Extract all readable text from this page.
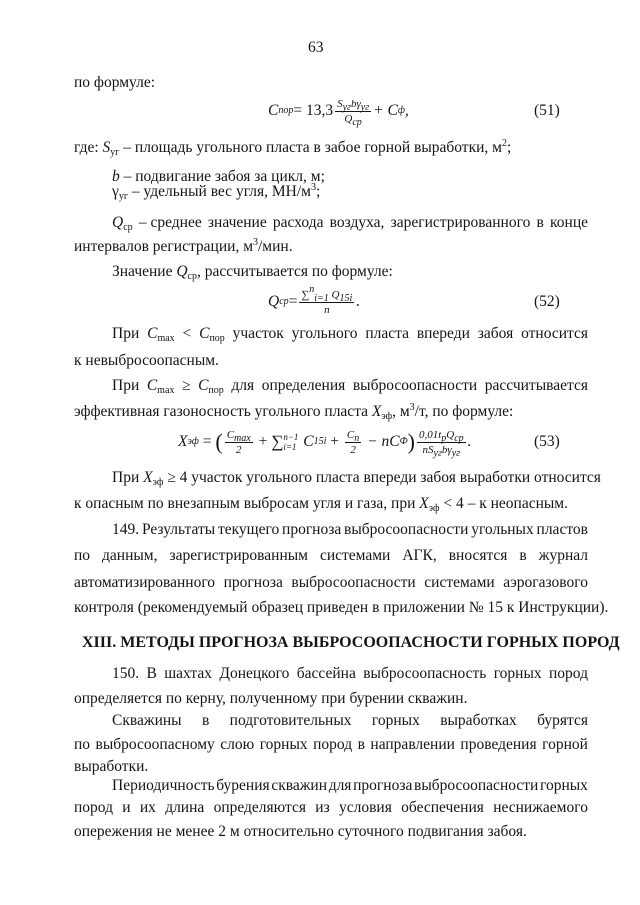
63
по формуле:
C пор = $13,3 \frac{S_{уг}b\gamma_{уг}}{Q_{ср}} + C$ ф ,	(51)
где: $S_{уг}$ – площадь угольного пласта в забое горной выработки, $м^2$;
b – подвигание забоя за цикл, м;
$\gamma_{уг}$ – удельный вес угля, $МН/м^3$;
$Q_{ср}$ – среднее значение расхода воздуха, зарегистрированного в конце
интервалов регистрации, $м^3$/мин.
Значение $Q_{ср}$, рассчитывается по формуле:
Q ср = $\frac{\sum^n_{i=1} Q_{15i}}{n}$ .	(52)
При $C_{max} < C_{пор}$ участок угольного пласта впереди забоя относится
к невыбросоопасным.
При $C_{max} \ge C_{пор}$ для определения выбросоопасности рассчитывается
эффективная газоносность угольного пласта $X_{эф}$, $м^3/т$, по формуле:
X эф = ( $\frac{C_{max}}{2}$ + ∑ n−1
i=1 C $15i + \frac{C_n}{2}$ − nC Ф ) $\frac{0,01t_pQ_{ср}}{nS_{уг}b\gamma_{уг}}$ .	(53)
При $X_{эф} \ge 4$ участок угольного пласта впереди забоя выработки относится
к опасным по внезапным выбросам угля и газа, при $X_{эф} < 4 - к$ неопасным.
149. Результаты текущего прогноза выбросоопасности угольных пластов
по данным, зарегистрированным системами АГК, вносятся в журнал
автоматизированного прогноза выбросоопасности системами аэрогазового
контроля (рекомендуемый образец приведен в приложении № 15 к Инструкции).
XIII. МЕТОДЫ ПРОГНОЗА ВЫБРОСООПАСНОСТИ ГОРНЫХ ПОРОД
150. В шахтах Донецкого бассейна выбросоопасность горных пород
определяется по керну, полученному при бурении скважин.
Скважины в подготовительных горных выработках бурятся
по выбросоопасному слою горных пород в направлении проведения горной
выработки.
Периодичность бурения скважин для прогноза выбросоопасности горных
пород и их длина определяются из условия обеспечения неснижаемого
опережения не менее 2 м относительно суточного подвигания забоя.
